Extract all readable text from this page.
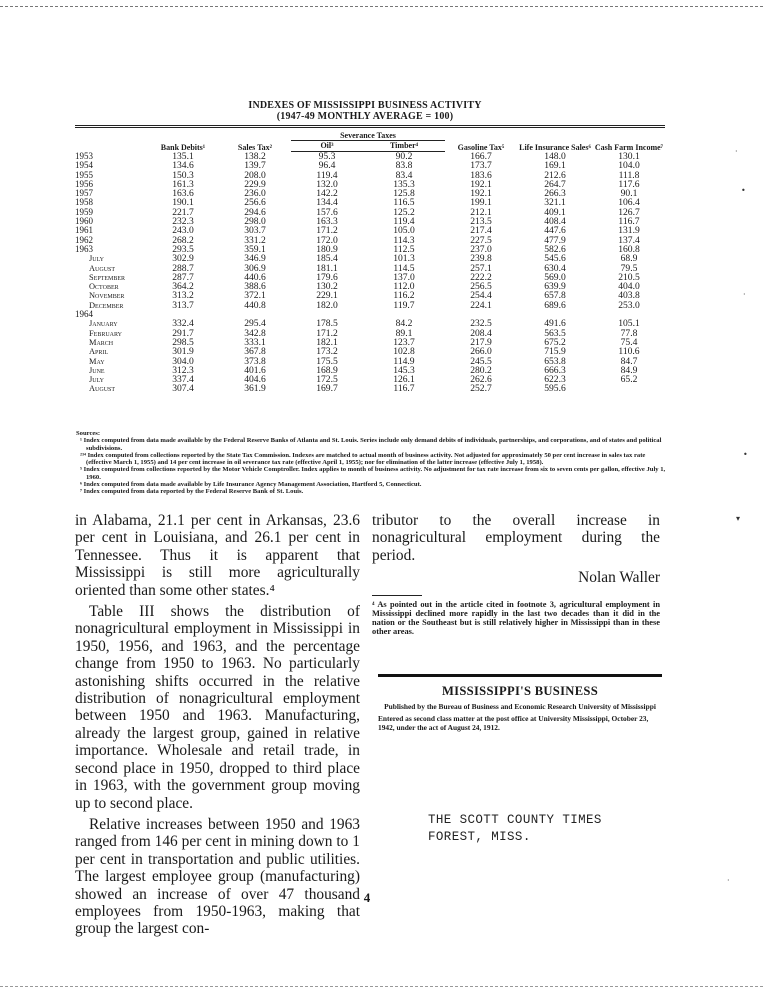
INDEXES OF MISSISSIPPI BUSINESS ACTIVITY
(1947-49 MONTHLY AVERAGE = 100)
	Bank Debits¹	Sales Tax²	Severance Taxes		Gasoline Tax⁵	Life Insurance Sales⁶	Cash Farm Income⁷
			Oil³	Timber⁴			
1953	135.1	138.2	95.3	90.2	166.7	148.0	130.1
1954	134.6	139.7	96.4	83.8	173.7	169.1	104.0
1955	150.3	208.0	119.4	83.4	183.6	212.6	111.8
1956	161.3	229.9	132.0	135.3	192.1	264.7	117.6
1957	163.6	236.0	142.2	125.8	192.1	266.3	90.1
1958	190.1	256.6	134.4	116.5	199.1	321.1	106.4
1959	221.7	294.6	157.6	125.2	212.1	409.1	126.7
1960	232.3	298.0	163.3	119.4	213.5	408.4	116.7
1961	243.0	303.7	171.2	105.0	217.4	447.6	131.9
1962	268.2	331.2	172.0	114.3	227.5	477.9	137.4
1963	293.5	359.1	180.9	112.5	237.0	582.6	160.8
July	302.9	346.9	185.4	101.3	239.8	545.6	68.9
August	288.7	306.9	181.1	114.5	257.1	630.4	79.5
September	287.7	440.6	179.6	137.0	222.2	569.0	210.5
October	364.2	388.6	130.2	112.0	256.5	639.9	404.0
November	313.2	372.1	229.1	116.2	254.4	657.8	403.8
December	313.7	440.8	182.0	119.7	224.1	689.6	253.0
1964							
January	332.4	295.4	178.5	84.2	232.5	491.6	105.1
February	291.7	342.8	171.2	89.1	208.4	563.5	77.8
March	298.5	333.1	182.1	123.7	217.9	675.2	75.4
April	301.9	367.8	173.2	102.8	266.0	715.9	110.6
May	304.0	373.8	175.5	114.9	245.5	653.8	84.7
June	312.3	401.6	168.9	145.3	280.2	666.3	84.9
July	337.4	404.6	172.5	126.1	262.6	622.3	65.2
August	307.4	361.9	169.7	116.7	252.7	595.6	
Sources:

¹ Index computed from data made available by the Federal Reserve Banks of Atlanta and St. Louis. Series include only demand debits of individuals, partnerships, and corporations, and of states and political subdivisions.

²³⁴ Index computed from collections reported by the State Tax Commission. Indexes are matched to actual month of business activity. Not adjusted for approximately 50 per cent increase in sales tax rate (effective March 1, 1955) and 14 per cent increase in oil severance tax rate (effective April 1, 1955); nor for elimination of the latter increase (effective July 1, 1958).

⁵ Index computed from collections reported by the Motor Vehicle Comptroller. Index applies to month of business activity. No adjustment for tax rate increase from six to seven cents per gallon, effective July 1, 1960.

⁶ Index computed from data made available by Life Insurance Agency Management Association, Hartford 5, Connecticut.

⁷ Index computed from data reported by the Federal Reserve Bank of St. Louis.

in Alabama, 21.1 per cent in Arkansas, 23.6 per cent in Louisiana, and 26.1 per cent in Tennessee. Thus it is apparent that Mississippi is still more agriculturally oriented than some other states.⁴

Table III shows the distribution of nonagricultural employment in Mississippi in 1950, 1956, and 1963, and the percentage change from 1950 to 1963. No particularly astonishing shifts occurred in the relative distribution of nonagricultural employment between 1950 and 1963. Manufacturing, already the largest group, gained in relative importance. Wholesale and retail trade, in second place in 1950, dropped to third place in 1963, with the government group moving up to second place.

Relative increases between 1950 and 1963 ranged from 146 per cent in mining down to 1 per cent in transportation and public utilities. The largest employee group (manufacturing) showed an increase of over 47 thousand employees from 1950-1963, making that group the largest con-

tributor to the overall increase in nonagricultural employment during the period.

Nolan Waller

⁴ As pointed out in the article cited in footnote 3, agricultural employment in Mississippi declined more rapidly in the last two decades than it did in the nation or the Southeast but is still relatively higher in Mississippi than in these other areas.

MISSISSIPPI'S BUSINESS
Published by the Bureau of Business and Economic Research University of Mississippi
Entered as second class matter at the post office at University Mississippi, October 23, 1942, under the act of August 24, 1912.
THE SCOTT COUNTY TIMES
FOREST, MISS.
4
·
•
·
•
▾
·
